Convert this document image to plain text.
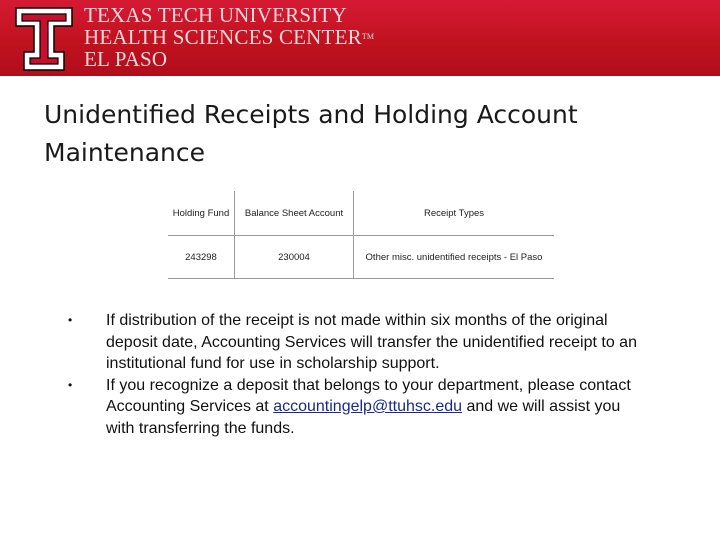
TEXAS TECH UNIVERSITY
HEALTH SCIENCES CENTER™
EL PASO
Unidentified Receipts and Holding Account Maintenance
Holding Fund	Balance Sheet Account	Receipt Types
243298	230004	Other misc. unidentified receipts - El Paso
•	If distribution of the receipt is not made within six months of the original deposit date, Accounting Services will transfer the unidentified receipt to an institutional fund for use in scholarship support.
•	If you recognize a deposit that belongs to your department, please contact Accounting Services at accountingelp@ttuhsc.edu and we will assist you with transferring the funds.
